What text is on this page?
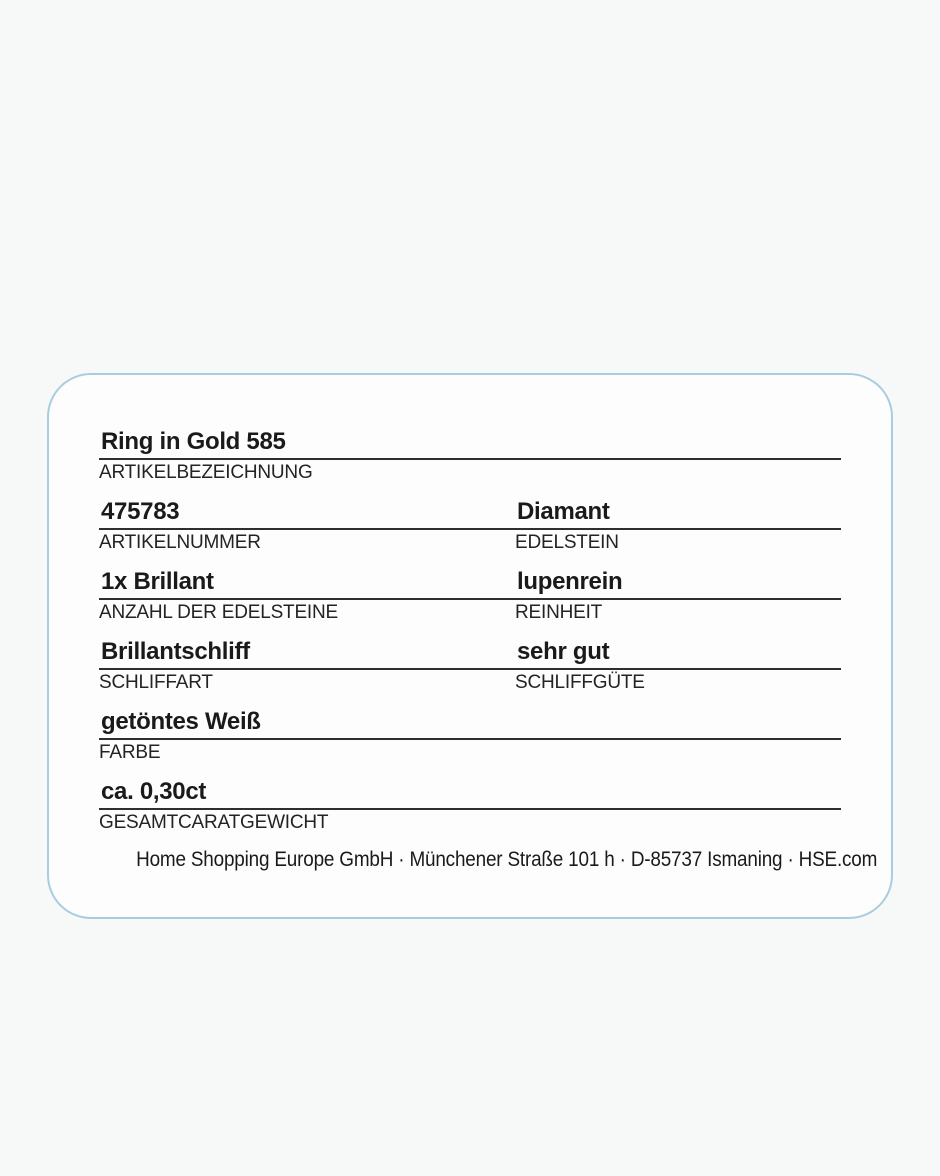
Ring in Gold 585
ARTIKELBEZEICHNUNG
475783	Diamant
ARTIKELNUMMER	EDELSTEIN
1x Brillant	lupenrein
ANZAHL DER EDELSTEINE	REINHEIT
Brillantschliff	sehr gut
SCHLIFFART	SCHLIFFGÜTE
getöntes Weiß
FARBE
ca. 0,30ct
GESAMTCARATGEWICHT
Home Shopping Europe GmbH · Münchener Straße 101 h · D-85737 Ismaning · HSE.com
